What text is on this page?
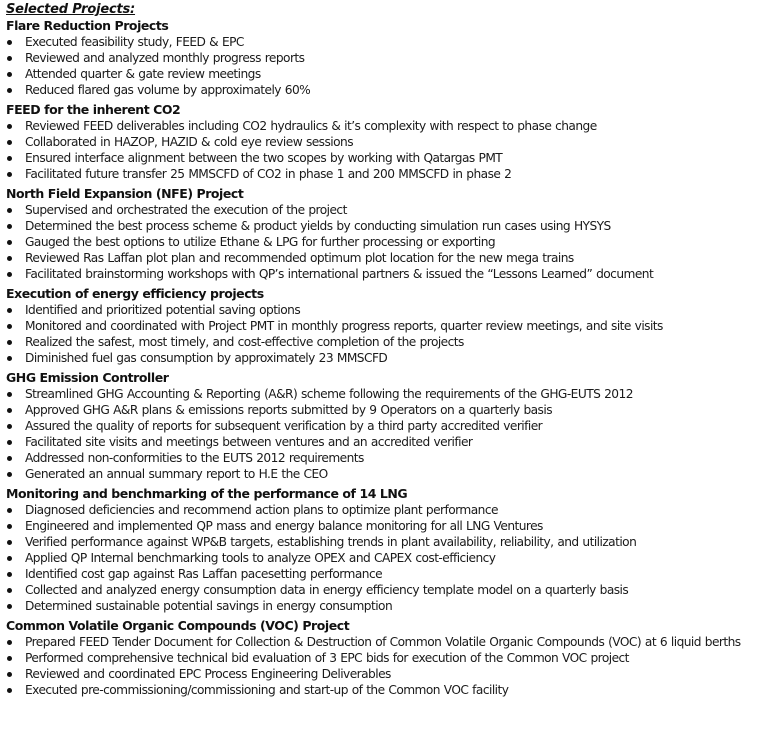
Selected Projects:
Flare Reduction Projects
Executed feasibility study, FEED & EPC
Reviewed and analyzed monthly progress reports
Attended quarter & gate review meetings
Reduced flared gas volume by approximately 60%
FEED for the inherent CO2
Reviewed FEED deliverables including CO2 hydraulics & it’s complexity with respect to phase change
Collaborated in HAZOP, HAZID & cold eye review sessions
Ensured interface alignment between the two scopes by working with Qatargas PMT
Facilitated future transfer 25 MMSCFD of CO2 in phase 1 and 200 MMSCFD in phase 2
North Field Expansion (NFE) Project
Supervised and orchestrated the execution of the project
Determined the best process scheme & product yields by conducting simulation run cases using HYSYS
Gauged the best options to utilize Ethane & LPG for further processing or exporting
Reviewed Ras Laffan plot plan and recommended optimum plot location for the new mega trains
Facilitated brainstorming workshops with QP’s international partners & issued the “Lessons Learned” document
Execution of energy efficiency projects
Identified and prioritized potential saving options
Monitored and coordinated with Project PMT in monthly progress reports, quarter review meetings, and site visits
Realized the safest, most timely, and cost-effective completion of the projects
Diminished fuel gas consumption by approximately 23 MMSCFD
GHG Emission Controller
Streamlined GHG Accounting & Reporting (A&R) scheme following the requirements of the GHG-EUTS 2012
Approved GHG A&R plans & emissions reports submitted by 9 Operators on a quarterly basis
Assured the quality of reports for subsequent verification by a third party accredited verifier
Facilitated site visits and meetings between ventures and an accredited verifier
Addressed non-conformities to the EUTS 2012 requirements
Generated an annual summary report to H.E the CEO
Monitoring and benchmarking of the performance of 14 LNG
Diagnosed deficiencies and recommend action plans to optimize plant performance
Engineered and implemented QP mass and energy balance monitoring for all LNG Ventures
Verified performance against WP&B targets, establishing trends in plant availability, reliability, and utilization
Applied QP Internal benchmarking tools to analyze OPEX and CAPEX cost-efficiency
Identified cost gap against Ras Laffan pacesetting performance
Collected and analyzed energy consumption data in energy efficiency template model on a quarterly basis
Determined sustainable potential savings in energy consumption
Common Volatile Organic Compounds (VOC) Project
Prepared FEED Tender Document for Collection & Destruction of Common Volatile Organic Compounds (VOC) at 6 liquid berths
Performed comprehensive technical bid evaluation of 3 EPC bids for execution of the Common VOC project
Reviewed and coordinated EPC Process Engineering Deliverables
Executed pre-commissioning/commissioning and start-up of the Common VOC facility
